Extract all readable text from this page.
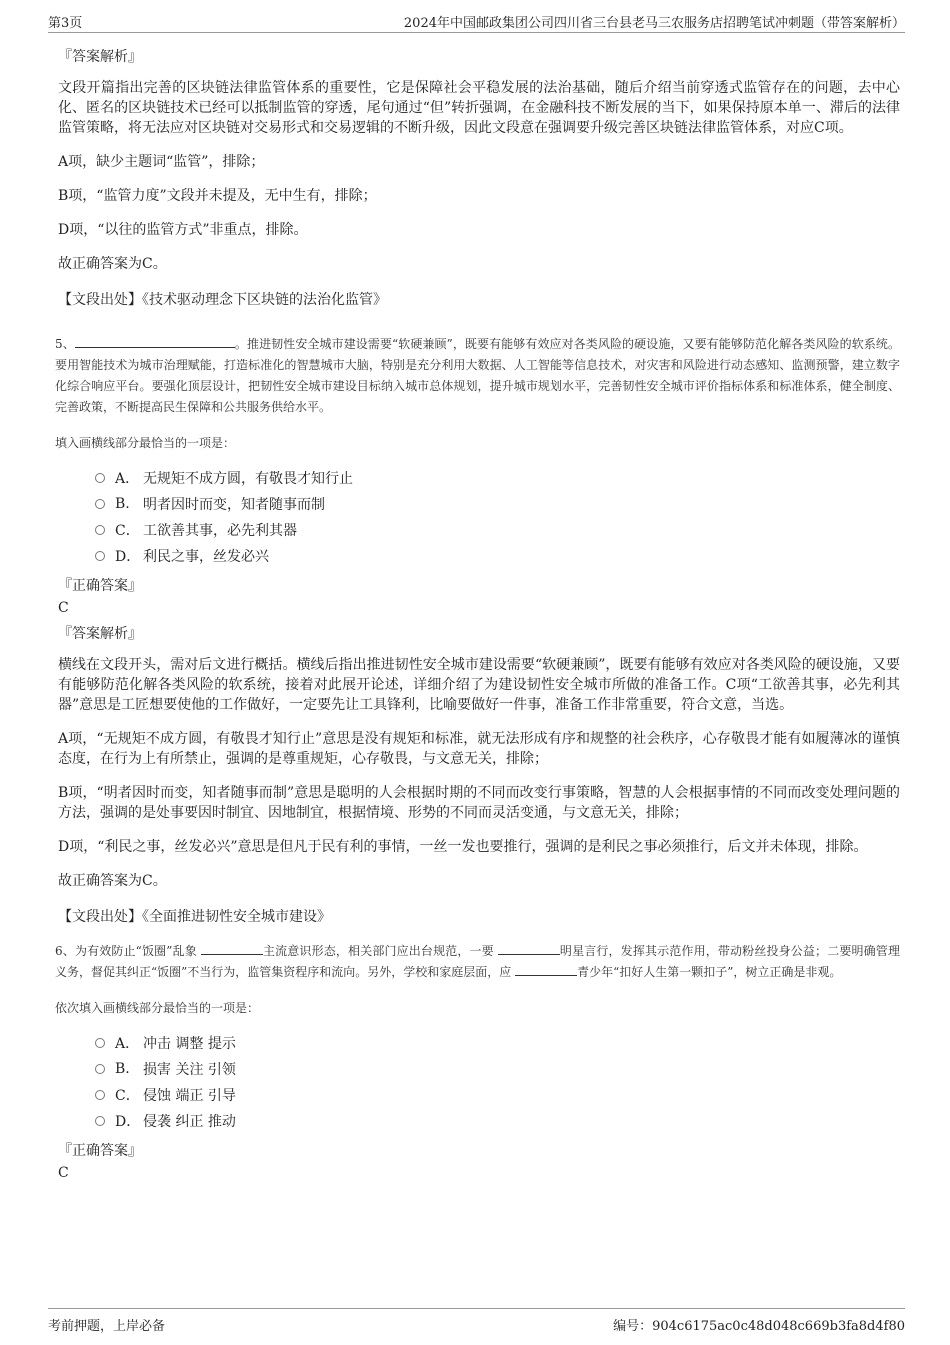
第3页	2024年中国邮政集团公司四川省三台县老马三农服务店招聘笔试冲刺题（带答案解析）
『答案解析』
文段开篇指出完善的区块链法律监管体系的重要性，它是保障社会平稳发展的法治基础，随后介绍当前穿透式监管存在的问题，去中心化、匿名的区块链技术已经可以抵制监管的穿透，尾句通过“但”转折强调，在金融科技不断发展的当下，如果保持原本单一、滞后的法律监管策略，将无法应对区块链对交易形式和交易逻辑的不断升级，因此文段意在强调要升级完善区块链法律监管体系，对应C项。
A项，缺少主题词“监管”，排除；
B项，“监管力度”文段并未提及，无中生有，排除；
D项，“以往的监管方式”非重点，排除。
故正确答案为C。
【文段出处】《技术驱动理念下区块链的法治化监管》
5、	。推进韧性安全城市建设需要“软硬兼顾”，既要有能够有效应对各类风险的硬设施，又要有能够防范化解各类风险的软系统。要用智能技术为城市治理赋能，打造标准化的智慧城市大脑，特别是充分利用大数据、人工智能等信息技术，对灾害和风险进行动态感知、监测预警，建立数字化综合响应平台。要强化顶层设计，把韧性安全城市建设目标纳入城市总体规划，提升城市规划水平，完善韧性安全城市评价指标体系和标准体系，健全制度、完善政策，不断提高民生保障和公共服务供给水平。
填入画横线部分最恰当的一项是：
A． 无规矩不成方圆，有敬畏才知行止
B. 明者因时而变，知者随事而制
C． 工欲善其事，必先利其器
D． 利民之事，丝发必兴
『正确答案』
C
『答案解析』
横线在文段开头，需对后文进行概括。横线后指出推进韧性安全城市建设需要“软硬兼顾”，既要有能够有效应对各类风险的硬设施，又要有能够防范化解各类风险的软系统，接着对此展开论述，详细介绍了为建设韧性安全城市所做的准备工作。C项“工欲善其事，必先利其器”意思是工匠想要使他的工作做好，一定要先让工具锋利，比喻要做好一件事，准备工作非常重要，符合文意，当选。
A项，“无规矩不成方圆，有敬畏才知行止”意思是没有规矩和标准，就无法形成有序和规整的社会秩序，心存敬畏才能有如履薄冰的谨慎态度，在行为上有所禁止，强调的是尊重规矩，心存敬畏，与文意无关，排除；
B项，“明者因时而变，知者随事而制”意思是聪明的人会根据时期的不同而改变行事策略，智慧的人会根据事情的不同而改变处理问题的方法，强调的是处事要因时制宜、因地制宜，根据情境、形势的不同而灵活变通，与文意无关，排除；
D项，“利民之事，丝发必兴”意思是但凡于民有利的事情，一丝一发也要推行，强调的是利民之事必须推行，后文并未体现，排除。
故正确答案为C。
【文段出处】《全面推进韧性安全城市建设》
6、为有效防止“饭圈”乱象	主流意识形态，相关部门应出台规范，一要	明星言行，发挥其示范作用，带动粉丝投身公益；二要明确管理义务，督促其纠正“饭圈”不当行为，监管集资程序和流向。另外，学校和家庭层面，应	青少年“扣好人生第一颗扣子”，树立正确是非观。
依次填入画横线部分最恰当的一项是：
A． 冲击 调整 提示
B. 损害 关注 引领
C． 侵蚀 端正 引导
D． 侵袭 纠正 推动
『正确答案』
C
考前押题，上岸必备	编号：904c6175ac0c48d048c669b3fa8d4f80
